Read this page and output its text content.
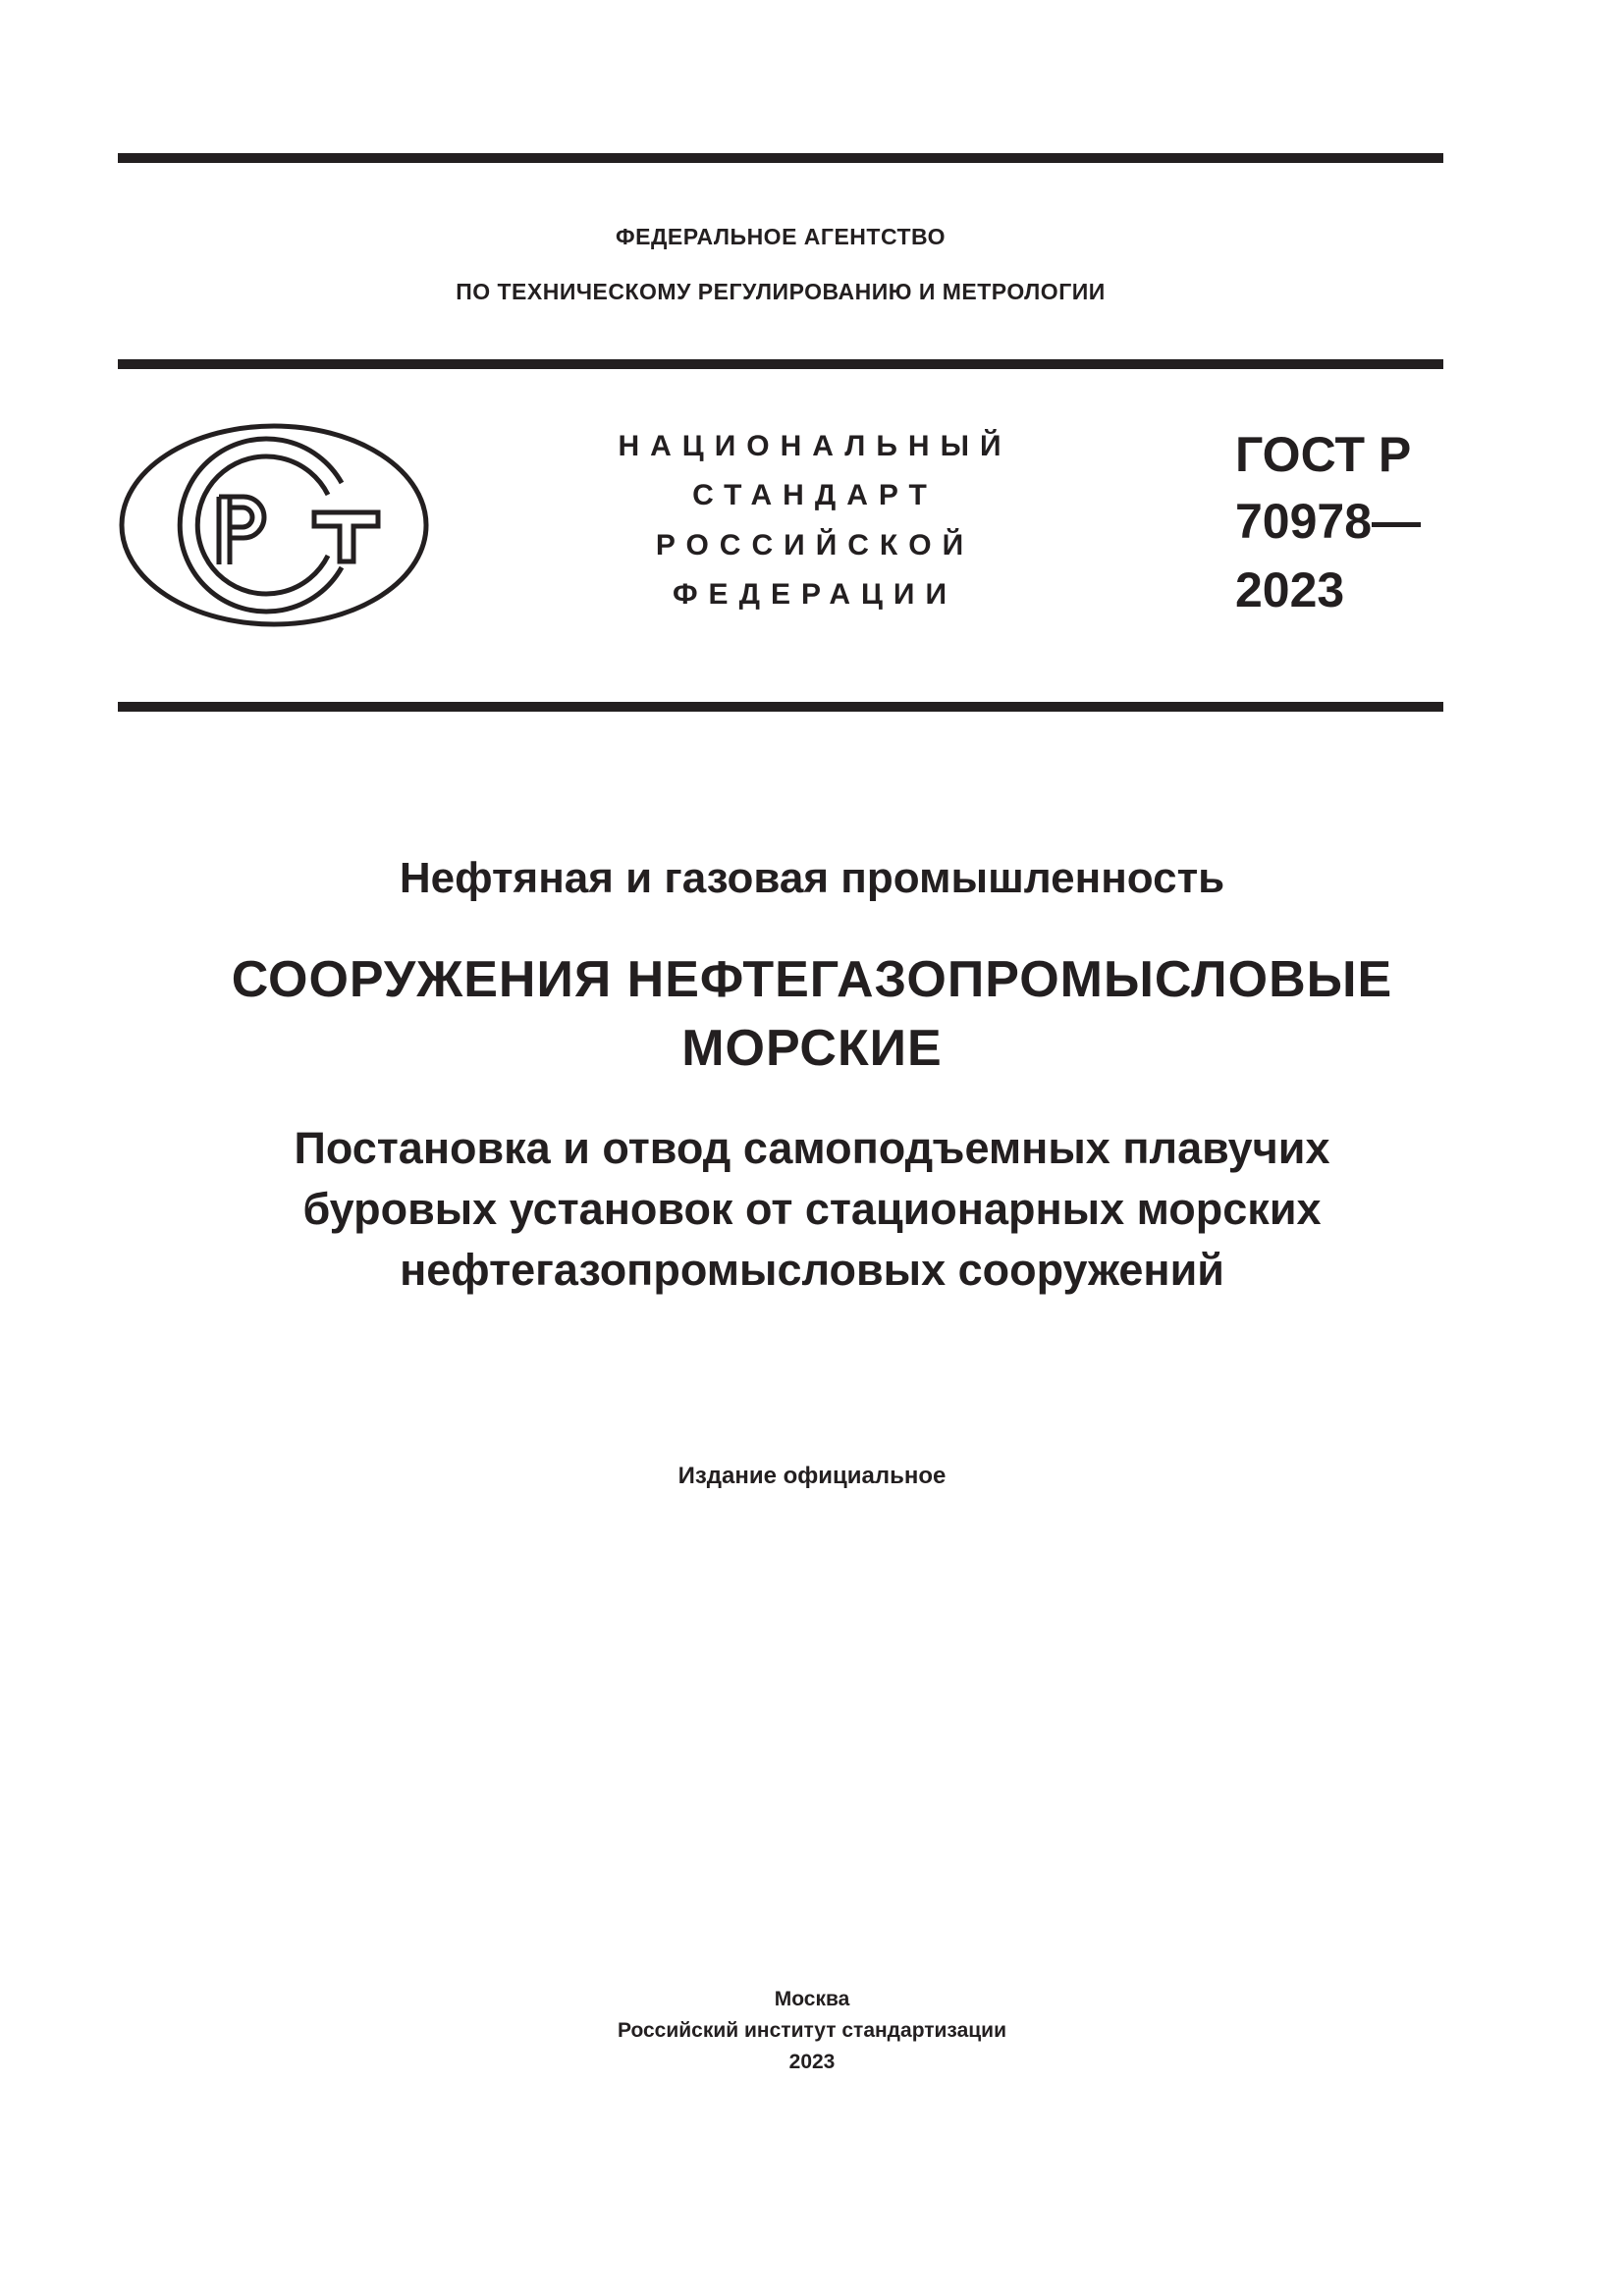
ФЕДЕРАЛЬНОЕ АГЕНТСТВО
ПО ТЕХНИЧЕСКОМУ РЕГУЛИРОВАНИЮ И МЕТРОЛОГИИ
НАЦИОНАЛЬНЫЙ
СТАНДАРТ
РОССИЙСКОЙ
ФЕДЕРАЦИИ
ГОСТ Р
70978—
2023
Нефтяная и газовая промышленность
СООРУЖЕНИЯ НЕФТЕГАЗОПРОМЫСЛОВЫЕ
МОРСКИЕ
Постановка и отвод самоподъемных плавучих
буровых установок от стационарных морских
нефтегазопромысловых сооружений
Издание официальное
Москва
Российский институт стандартизации
2023
